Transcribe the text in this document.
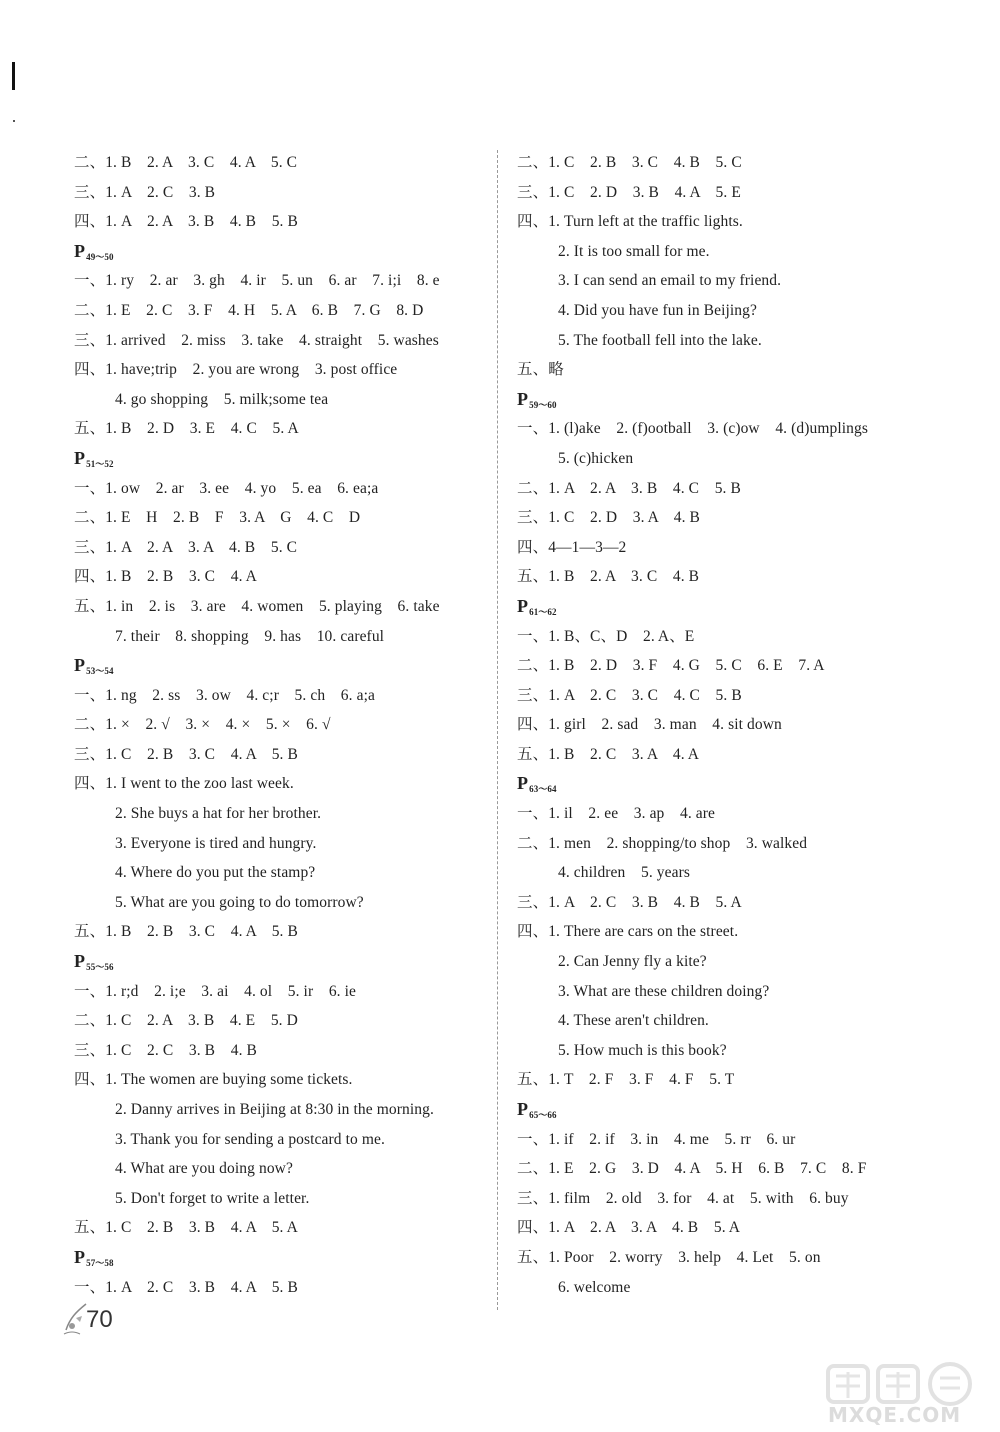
二、1. B　2. A　3. C　4. A　5. C
三、1. A　2. C　3. B
四、1. A　2. A　3. B　4. B　5. B
$P_{49\sim 50}$
一、1. ry　2. ar　3. gh　4. ir　5. un　6. ar　7. i;i　8. e
二、1. E　2. C　3. F　4. H　5. A　6. B　7. G　8. D
三、1. arrived　2. miss　3. take　4. straight　5. washes
四、1. have;trip　2. you are wrong　3. post office
4. go shopping　5. milk;some tea
五、1. B　2. D　3. E　4. C　5. A
$P_{51\sim 52}$
一、1. ow　2. ar　3. ee　4. yo　5. ea　6. ea;a
二、1. E　H　2. B　F　3. A　G　4. C　D
三、1. A　2. A　3. A　4. B　5. C
四、1. B　2. B　3. C　4. A
五、1. in　2. is　3. are　4. women　5. playing　6. take
7. their　8. shopping　9. has　10. careful
$P_{53\sim 54}$
一、1. ng　2. ss　3. ow　4. c;r　5. ch　6. a;a
二、1. ×　2. √　3. ×　4. ×　5. ×　6. √
三、1. C　2. B　3. C　4. A　5. B
四、1. I went to the zoo last week.
2. She buys a hat for her brother.
3. Everyone is tired and hungry.
4. Where do you put the stamp?
5. What are you going to do tomorrow?
五、1. B　2. B　3. C　4. A　5. B
$P_{55\sim 56}$
一、1. r;d　2. i;e　3. ai　4. ol　5. ir　6. ie
二、1. C　2. A　3. B　4. E　5. D
三、1. C　2. C　3. B　4. B
四、1. The women are buying some tickets.
2. Danny arrives in Beijing at 8:30 in the morning.
3. Thank you for sending a postcard to me.
4. What are you doing now?
5. Don't forget to write a letter.
五、1. C　2. B　3. B　4. A　5. A
$P_{57\sim 58}$
一、1. A　2. C　3. B　4. A　5. B
二、1. C　2. B　3. C　4. B　5. C
三、1. C　2. D　3. B　4. A　5. E
四、1. Turn left at the traffic lights.
2. It is too small for me.
3. I can send an email to my friend.
4. Did you have fun in Beijing?
5. The football fell into the lake.
五、略
$P_{59\sim 60}$
一、1. (l)ake　2. (f)ootball　3. (c)ow　4. (d)umplings
5. (c)hicken
二、1. A　2. A　3. B　4. C　5. B
三、1. C　2. D　3. A　4. B
四、4—1—3—2
五、1. B　2. A　3. C　4. B
$P_{61\sim 62}$
一、1. B、C、D　2. A、E
二、1. B　2. D　3. F　4. G　5. C　6. E　7. A
三、1. A　2. C　3. C　4. C　5. B
四、1. girl　2. sad　3. man　4. sit down
五、1. B　2. C　3. A　4. A
$P_{63\sim 64}$
一、1. il　2. ee　3. ap　4. are
二、1. men　2. shopping/to shop　3. walked
4. children　5. years
三、1. A　2. C　3. B　4. B　5. A
四、1. There are cars on the street.
2. Can Jenny fly a kite?
3. What are these children doing?
4. These aren't children.
5. How much is this book?
五、1. T　2. F　3. F　4. F　5. T
$P_{65\sim 66}$
一、1. if　2. if　3. in　4. me　5. rr　6. ur
二、1. E　2. G　3. D　4. A　5. H　6. B　7. C　8. F
三、1. film　2. old　3. for　4. at　5. with　6. buy
四、1. A　2. A　3. A　4. B　5. A
五、1. Poor　2. worry　3. help　4. Let　5. on
6. welcome
70
MXQE.COM
